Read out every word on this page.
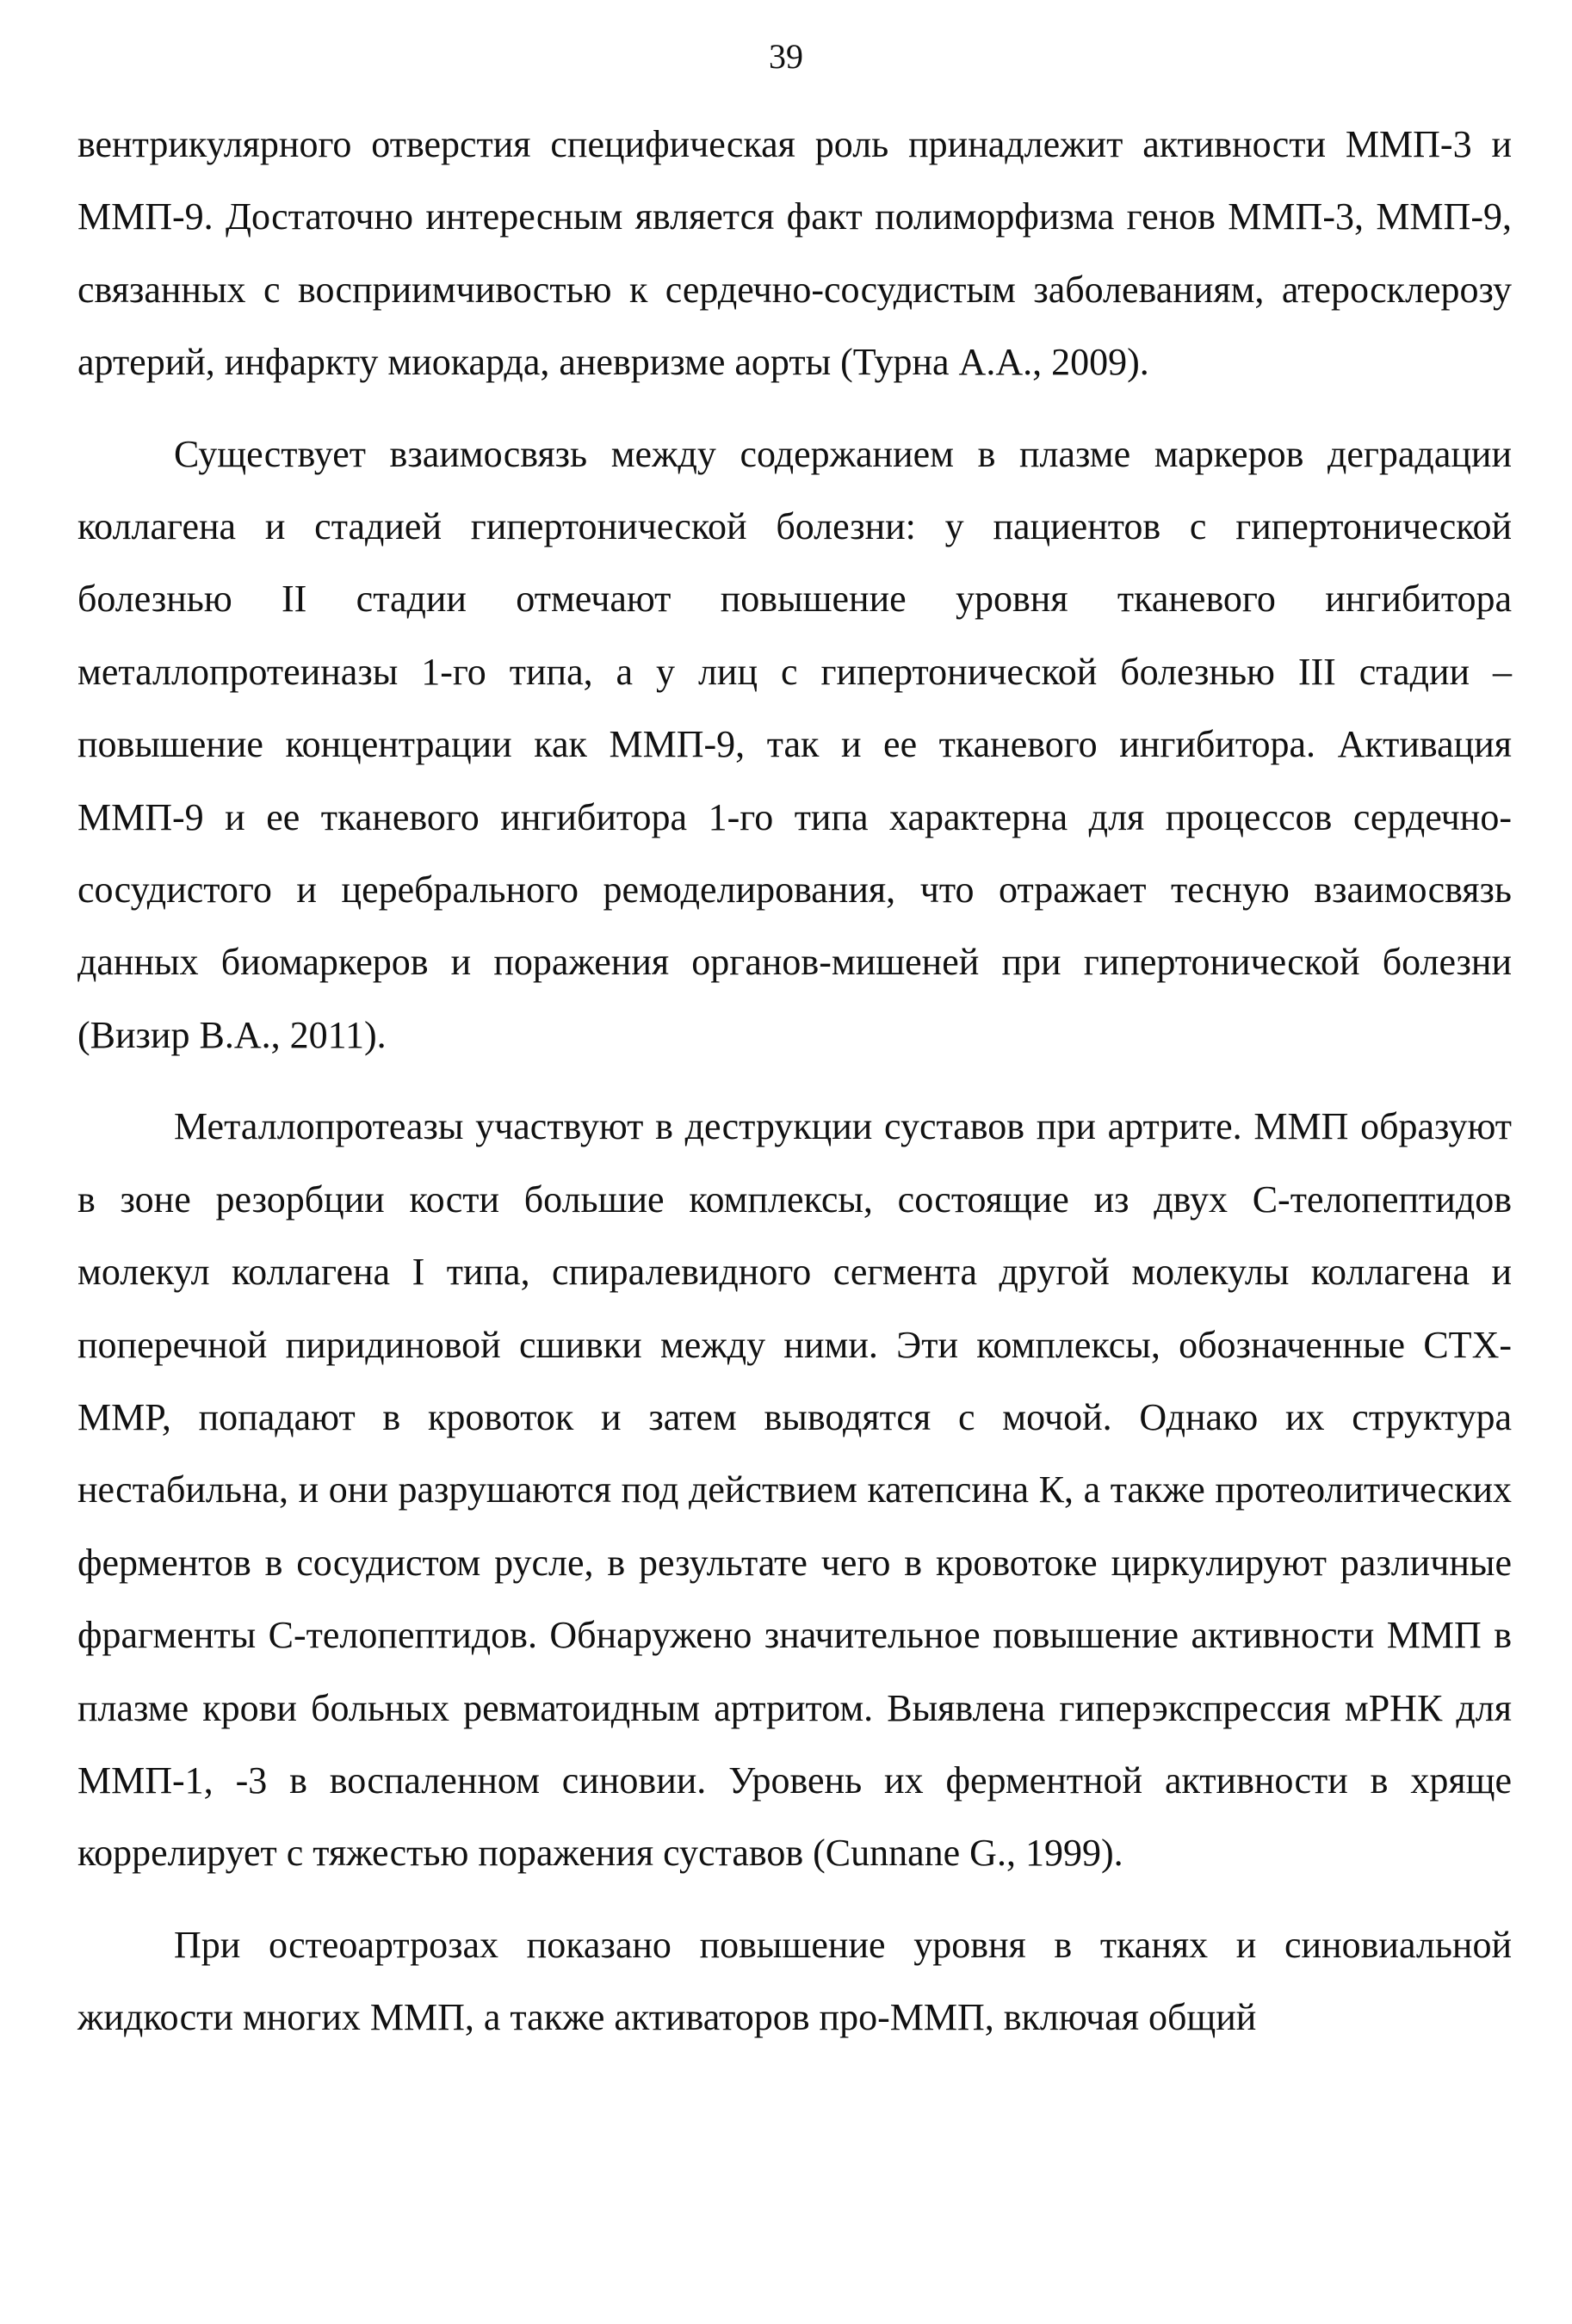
39

вентрикулярного отверстия специфическая роль принадлежит активности ММП-3 и ММП-9. Достаточно интересным является факт полиморфизма генов ММП-3, ММП-9, связанных с восприимчивостью к сердечно-сосудистым заболеваниям, атеросклерозу артерий, инфаркту миокарда, аневризме аорты (Турна А.А., 2009).

Существует взаимосвязь между содержанием в плазме маркеров деградации коллагена и стадией гипертонической болезни: у пациентов с гипертонической болезнью II стадии отмечают повышение уровня тканевого ингибитора металлопротеиназы 1-го типа, а у лиц с гипертонической болезнью III стадии – повышение концентрации как ММП-9, так и ее тканевого ингибитора. Активация ММП-9 и ее тканевого ингибитора 1-го типа характерна для процессов сердечно-сосудистого и церебрального ремоделирования, что отражает тесную взаимосвязь данных биомаркеров и поражения органов-мишеней при гипертонической болезни (Визир В.А., 2011).

Металлопротеазы участвуют в деструкции суставов при артрите. ММП образуют в зоне резорбции кости большие комплексы, состоящие из двух С-телопептидов молекул коллагена I типа, спиралевидного сегмента другой молекулы коллагена и поперечной пиридиновой сшивки между ними. Эти комплексы, обозначенные CTX-MMP, попадают в кровоток и затем выводятся с мочой. Однако их структура нестабильна, и они разрушаются под действием катепсина К, а также протеолитических ферментов в сосудистом русле, в результате чего в кровотоке циркулируют различные фрагменты С-телопептидов. Обнаружено значительное повышение активности ММП в плазме крови больных ревматоидным артритом. Выявлена гиперэкспрессия мРНК для ММП-1, -3 в воспаленном синовии. Уровень их ферментной активности в хряще коррелирует с тяжестью поражения суставов (Cunnane G., 1999).

При остеоартрозах показано повышение уровня в тканях и синовиальной жидкости многих ММП, а также активаторов про-ММП, включая общий
